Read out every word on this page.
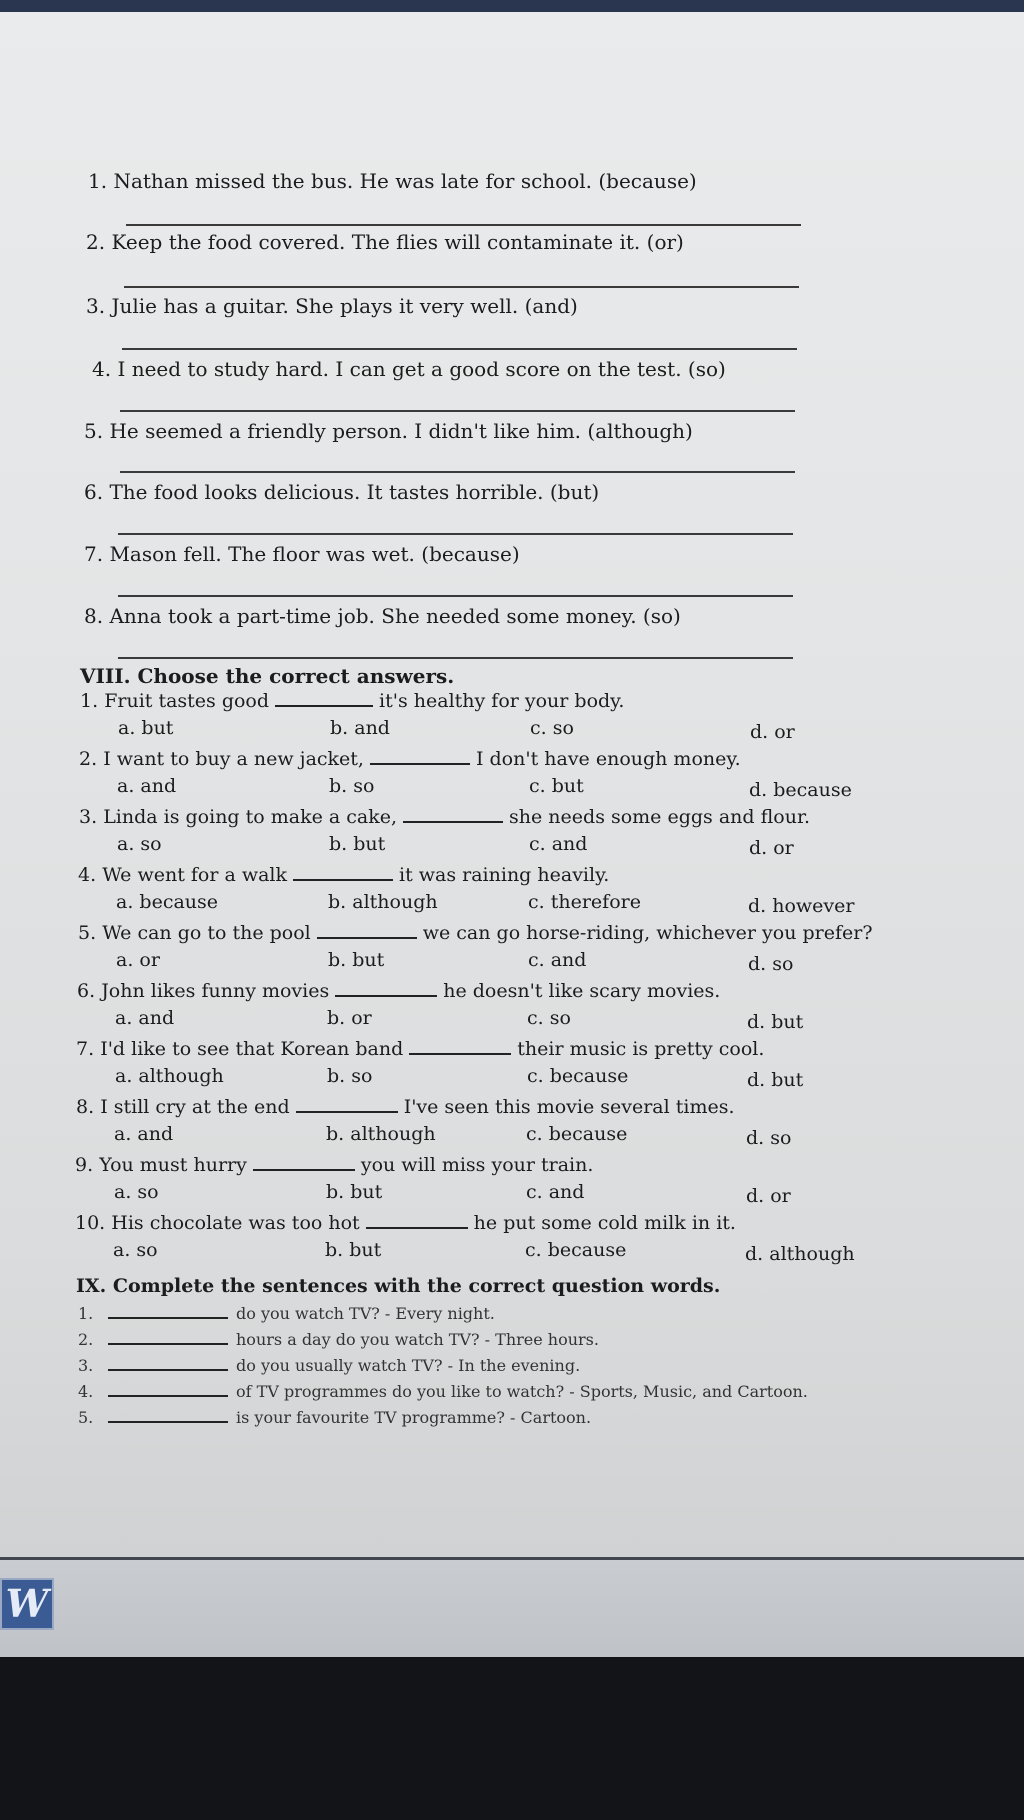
1. Nathan missed the bus. He was late for school. (because)
2. Keep the food covered. The flies will contaminate it. (or)
3. Julie has a guitar. She plays it very well. (and)
4. I need to study hard. I can get a good score on the test. (so)
5. He seemed a friendly person. I didn't like him. (although)
6. The food looks delicious. It tastes horrible. (but)
7. Mason fell. The floor was wet. (because)
8. Anna took a part-time job. She needed some money. (so)
VIII. Choose the correct answers.
1. Fruit tastes good	it's healthy for your body.
a. but	b. and	c. so	d. or
2. I want to buy a new jacket,	I don't have enough money.
a. and	b. so	c. but	d. because
3. Linda is going to make a cake,	she needs some eggs and flour.
a. so	b. but	c. and	d. or
4. We went for a walk	it was raining heavily.
a. because	b. although	c. therefore	d. however
5. We can go to the pool	we can go horse-riding, whichever you prefer?
a. or	b. but	c. and	d. so
6. John likes funny movies	he doesn't like scary movies.
a. and	b. or	c. so	d. but
7. I'd like to see that Korean band	their music is pretty cool.
a. although	b. so	c. because	d. but
8. I still cry at the end	I've seen this movie several times.
a. and	b. although	c. because	d. so
9. You must hurry	you will miss your train.
a. so	b. but	c. and	d. or
10. His chocolate was too hot	he put some cold milk in it.
a. so	b. but	c. because	d. although
IX. Complete the sentences with the correct question words.
1.	do you watch TV? - Every night.
2.	hours a day do you watch TV? - Three hours.
3.	do you usually watch TV? - In the evening.
4.	of TV programmes do you like to watch? - Sports, Music, and Cartoon.
5.	is your favourite TV programme? - Cartoon.
W
